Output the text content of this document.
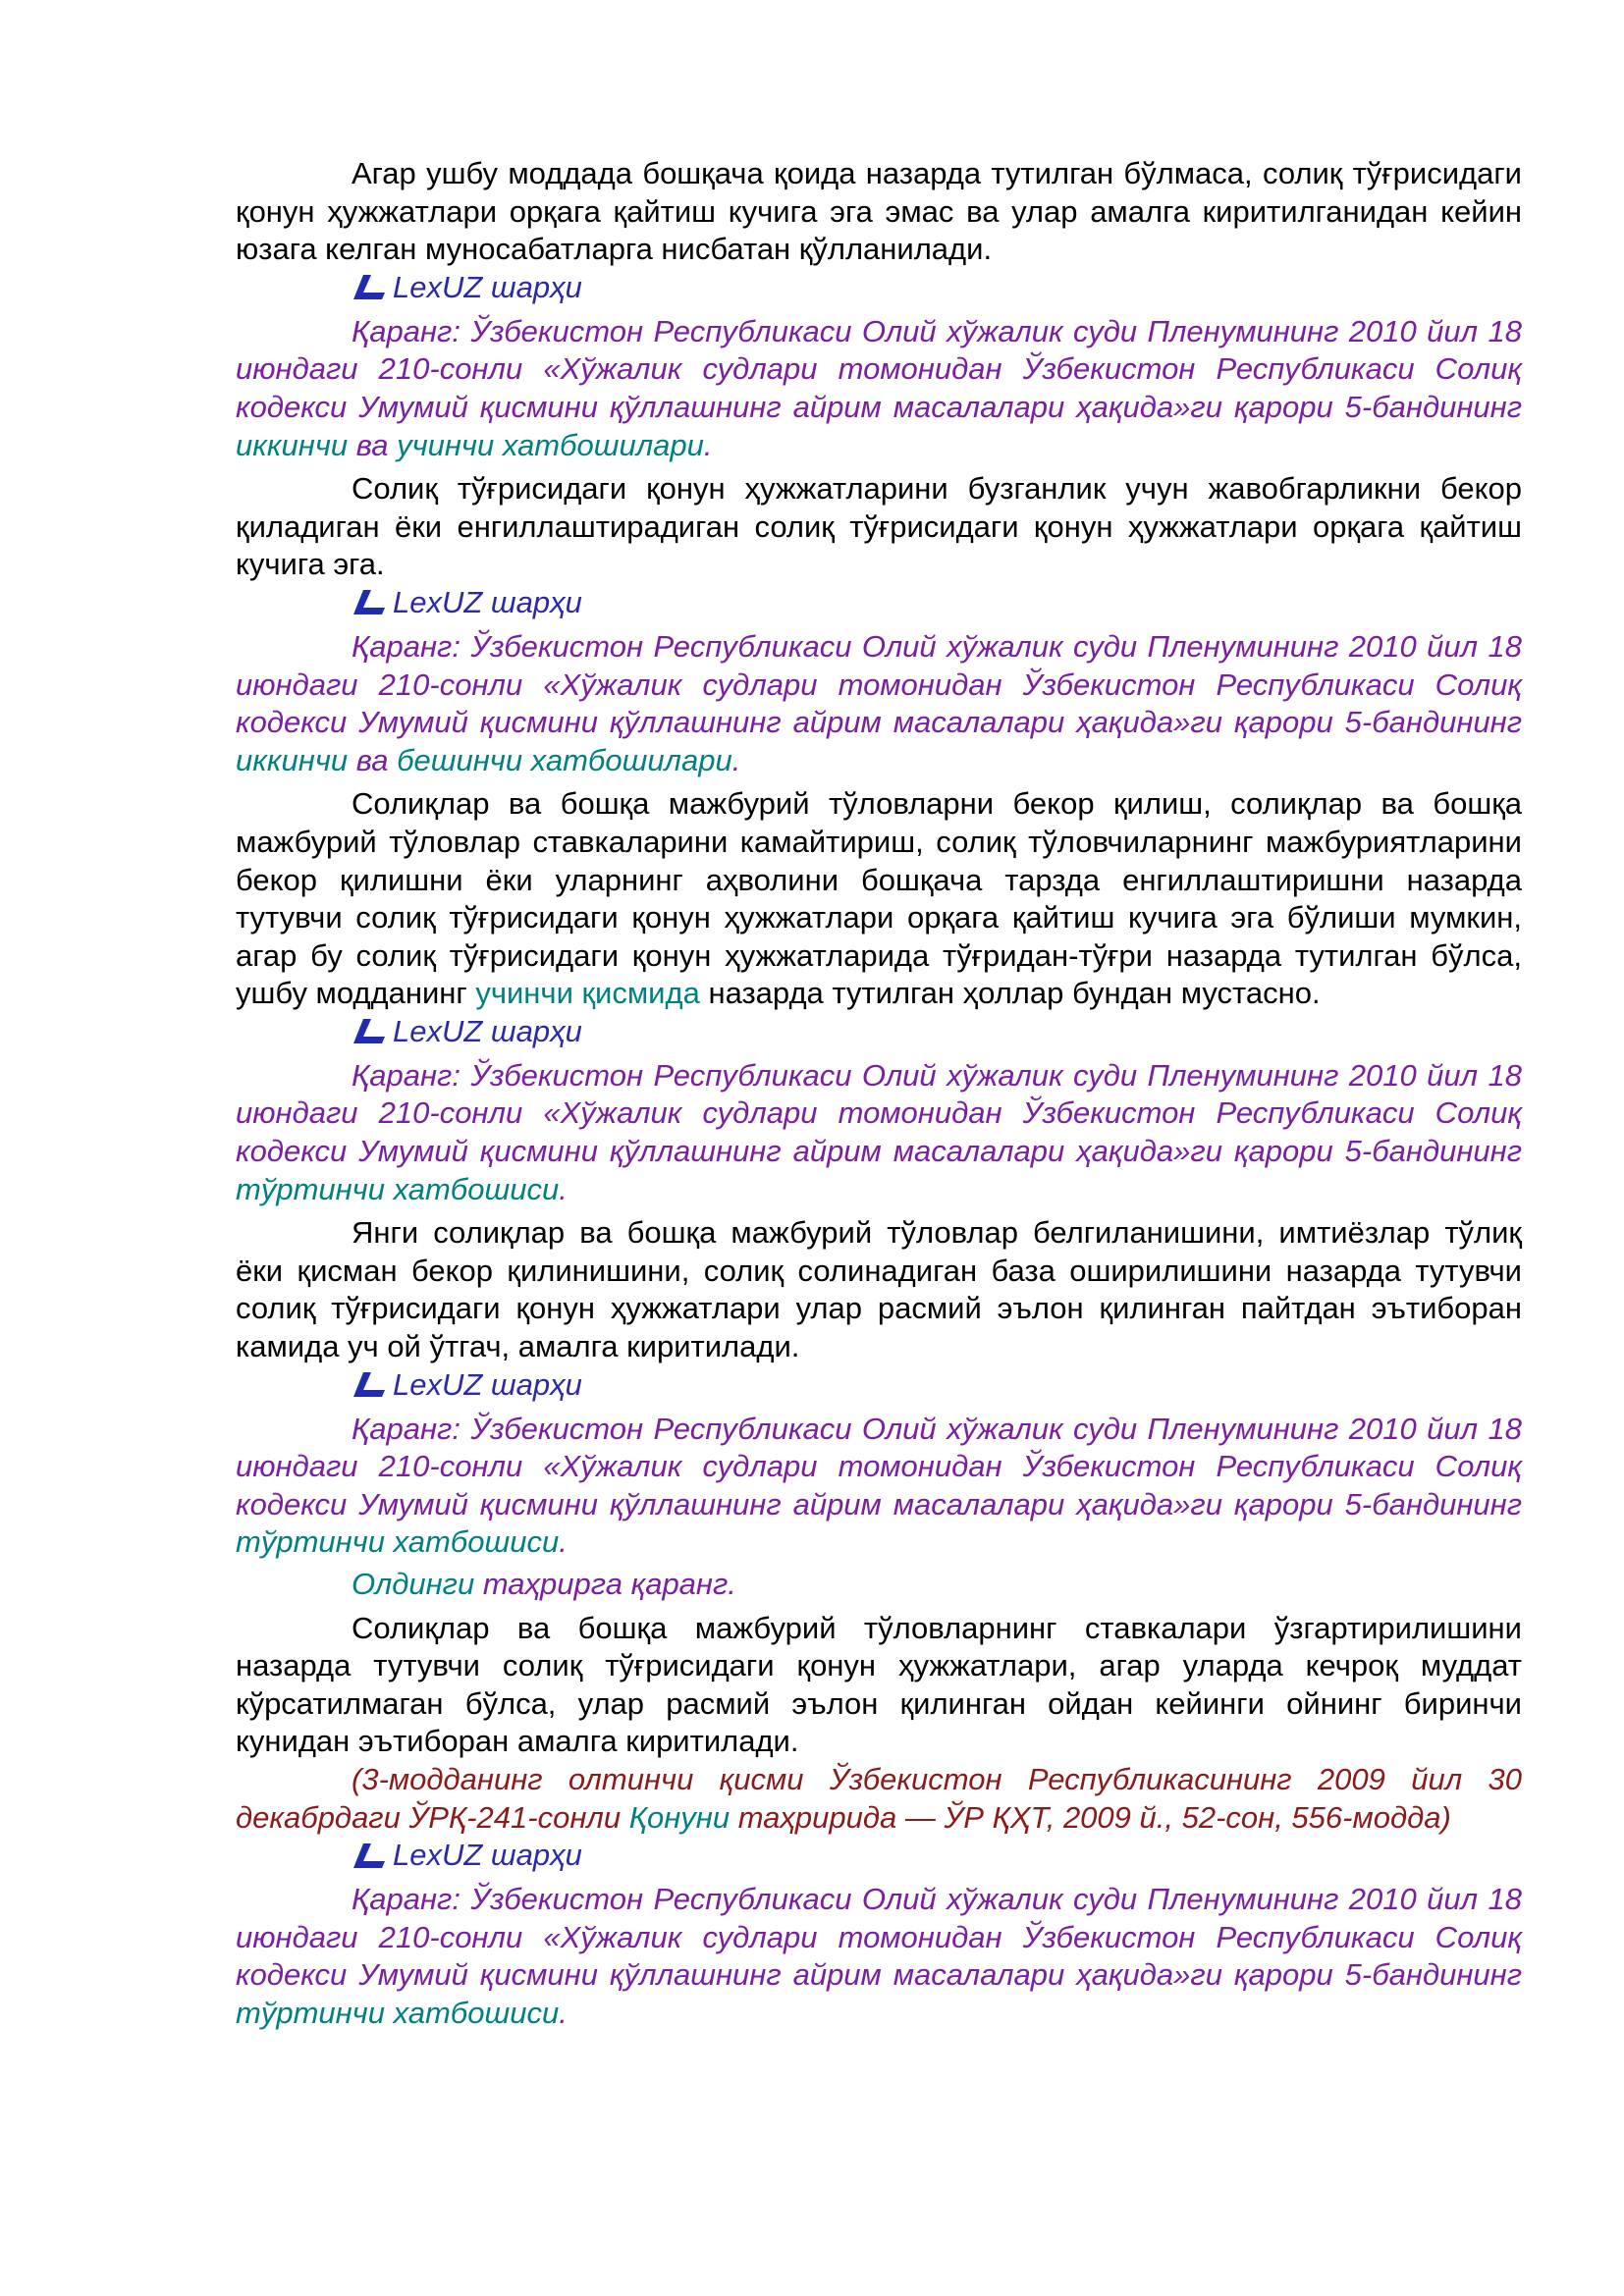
Агар ушбу моддада бошқача қоида назарда тутилган бўлмаса, солиқ тўғрисидаги қонун ҳужжатлари орқага қайтиш кучига эга эмас ва улар амалга киритилганидан кейин юзага келган муносабатларга нисбатан қўлланилади.

LexUZ шарҳи

Қаранг: Ўзбекистон Республикаси Олий хўжалик суди Пленумининг 2010 йил 18 июндаги 210-сонли «Хўжалик судлари томонидан Ўзбекистон Республикаси Солиқ кодекси Умумий қисмини қўллашнинг айрим масалалари ҳақида»ги қарори 5-бандининг иккинчи ва учинчи хатбошилари.

Солиқ тўғрисидаги қонун ҳужжатларини бузганлик учун жавобгарликни бекор қиладиган ёки енгиллаштирадиган солиқ тўғрисидаги қонун ҳужжатлари орқага қайтиш кучига эга.

LexUZ шарҳи

Қаранг: Ўзбекистон Республикаси Олий хўжалик суди Пленумининг 2010 йил 18 июндаги 210-сонли «Хўжалик судлари томонидан Ўзбекистон Республикаси Солиқ кодекси Умумий қисмини қўллашнинг айрим масалалари ҳақида»ги қарори 5-бандининг иккинчи ва бешинчи хатбошилари.

Солиқлар ва бошқа мажбурий тўловларни бекор қилиш, солиқлар ва бошқа мажбурий тўловлар ставкаларини камайтириш, солиқ тўловчиларнинг мажбуриятларини бекор қилишни ёки уларнинг аҳволини бошқача тарзда енгиллаштиришни назарда тутувчи солиқ тўғрисидаги қонун ҳужжатлари орқага қайтиш кучига эга бўлиши мумкин, агар бу солиқ тўғрисидаги қонун ҳужжатларида тўғридан-тўғри назарда тутилган бўлса, ушбу модданинг учинчи қисмида назарда тутилган ҳоллар бундан мустасно.

LexUZ шарҳи

Қаранг: Ўзбекистон Республикаси Олий хўжалик суди Пленумининг 2010 йил 18 июндаги 210-сонли «Хўжалик судлари томонидан Ўзбекистон Республикаси Солиқ кодекси Умумий қисмини қўллашнинг айрим масалалари ҳақида»ги қарори 5-бандининг тўртинчи хатбошиси.

Янги солиқлар ва бошқа мажбурий тўловлар белгиланишини, имтиёзлар тўлиқ ёки қисман бекор қилинишини, солиқ солинадиган база оширилишини назарда тутувчи солиқ тўғрисидаги қонун ҳужжатлари улар расмий эълон қилинган пайтдан эътиборан камида уч ой ўтгач, амалга киритилади.

LexUZ шарҳи

Қаранг: Ўзбекистон Республикаси Олий хўжалик суди Пленумининг 2010 йил 18 июндаги 210-сонли «Хўжалик судлари томонидан Ўзбекистон Республикаси Солиқ кодекси Умумий қисмини қўллашнинг айрим масалалари ҳақида»ги қарори 5-бандининг тўртинчи хатбошиси.

Олдинги таҳрирга қаранг.

Солиқлар ва бошқа мажбурий тўловларнинг ставкалари ўзгартирилишини назарда тутувчи солиқ тўғрисидаги қонун ҳужжатлари, агар уларда кечроқ муддат кўрсатилмаган бўлса, улар расмий эълон қилинган ойдан кейинги ойнинг биринчи кунидан эътиборан амалга киритилади.

(3-модданинг олтинчи қисми Ўзбекистон Республикасининг 2009 йил 30 декабрдаги ЎРҚ-241-сонли Қонуни таҳририда — ЎР ҚҲТ, 2009 й., 52-сон, 556-модда)

LexUZ шарҳи

Қаранг: Ўзбекистон Республикаси Олий хўжалик суди Пленумининг 2010 йил 18 июндаги 210-сонли «Хўжалик судлари томонидан Ўзбекистон Республикаси Солиқ кодекси Умумий қисмини қўллашнинг айрим масалалари ҳақида»ги қарори 5-бандининг тўртинчи хатбошиси.
